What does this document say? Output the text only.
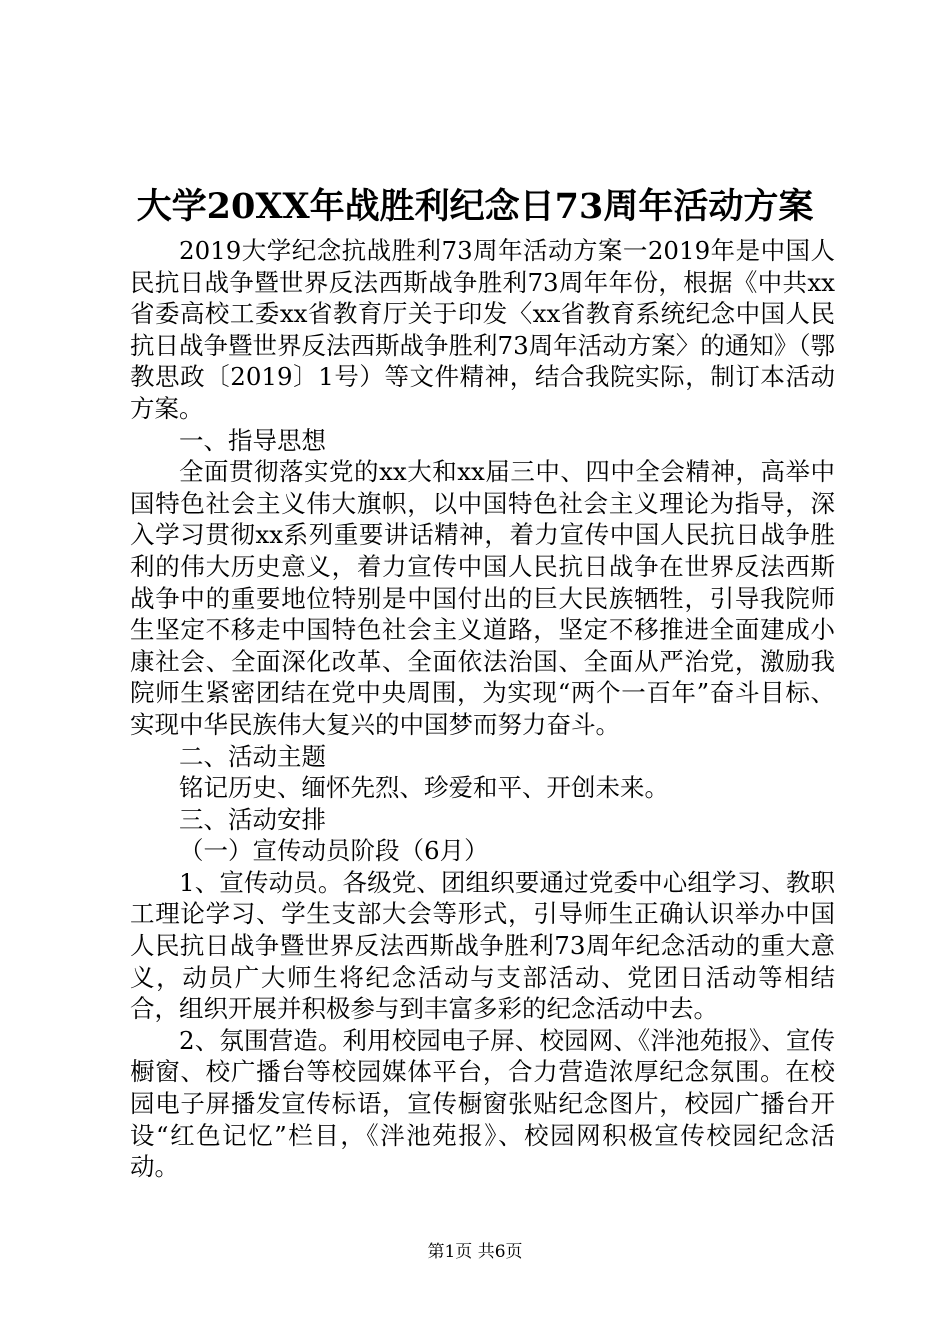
大学20XX年战胜利纪念日73周年活动方案

2019大学纪念抗战胜利73周年活动方案一2019年是中国人民抗日战争暨世界反法西斯战争胜利73周年年份，根据《中共xx省委高校工委xx省教育厅关于印发〈xx省教育系统纪念中国人民抗日战争暨世界反法西斯战争胜利73周年活动方案〉的通知》（鄂教思政〔2019〕1号）等文件精神，结合我院实际，制订本活动方案。

一、指导思想

全面贯彻落实党的xx大和xx届三中、四中全会精神，高举中国特色社会主义伟大旗帜，以中国特色社会主义理论为指导，深入学习贯彻xx系列重要讲话精神，着力宣传中国人民抗日战争胜利的伟大历史意义，着力宣传中国人民抗日战争在世界反法西斯战争中的重要地位特别是中国付出的巨大民族牺牲，引导我院师生坚定不移走中国特色社会主义道路，坚定不移推进全面建成小康社会、全面深化改革、全面依法治国、全面从严治党，激励我院师生紧密团结在党中央周围，为实现“两个一百年”奋斗目标、实现中华民族伟大复兴的中国梦而努力奋斗。

二、活动主题

铭记历史、缅怀先烈、珍爱和平、开创未来。

三、活动安排

（一）宣传动员阶段（6月）

1、宣传动员。各级党、团组织要通过党委中心组学习、教职工理论学习、学生支部大会等形式，引导师生正确认识举办中国人民抗日战争暨世界反法西斯战争胜利73周年纪念活动的重大意义，动员广大师生将纪念活动与支部活动、党团日活动等相结合，组织开展并积极参与到丰富多彩的纪念活动中去。

2、氛围营造。利用校园电子屏、校园网、《泮池苑报》、宣传橱窗、校广播台等校园媒体平台，合力营造浓厚纪念氛围。在校园电子屏播发宣传标语，宣传橱窗张贴纪念图片，校园广播台开设“红色记忆”栏目，《泮池苑报》、校园网积极宣传校园纪念活动。

第1页 共6页
